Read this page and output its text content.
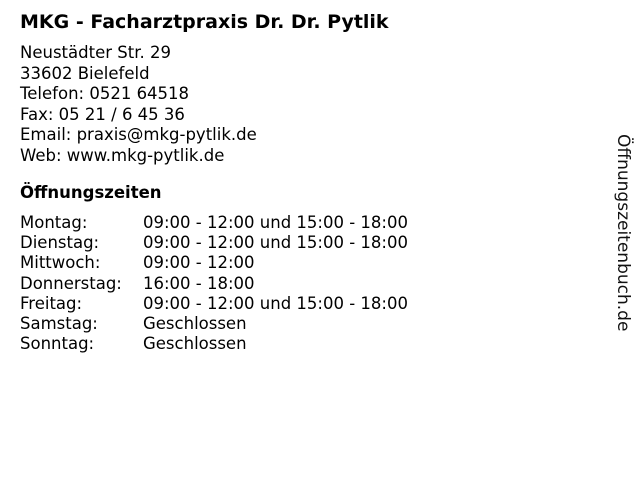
MKG - Facharztpraxis Dr. Dr. Pytlik
Neustädter Str. 29
33602 Bielefeld
Telefon: 0521 64518
Fax: 05 21 / 6 45 36
Email: praxis@mkg-pytlik.de
Web: www.mkg-pytlik.de
Öffnungszeiten
Montag:	09:00 - 12:00 und 15:00 - 18:00
Dienstag:	09:00 - 12:00 und 15:00 - 18:00
Mittwoch:	09:00 - 12:00
Donnerstag:	16:00 - 18:00
Freitag:	09:00 - 12:00 und 15:00 - 18:00
Samstag:	Geschlossen
Sonntag:	Geschlossen
Öffnungszeitenbuch.de
